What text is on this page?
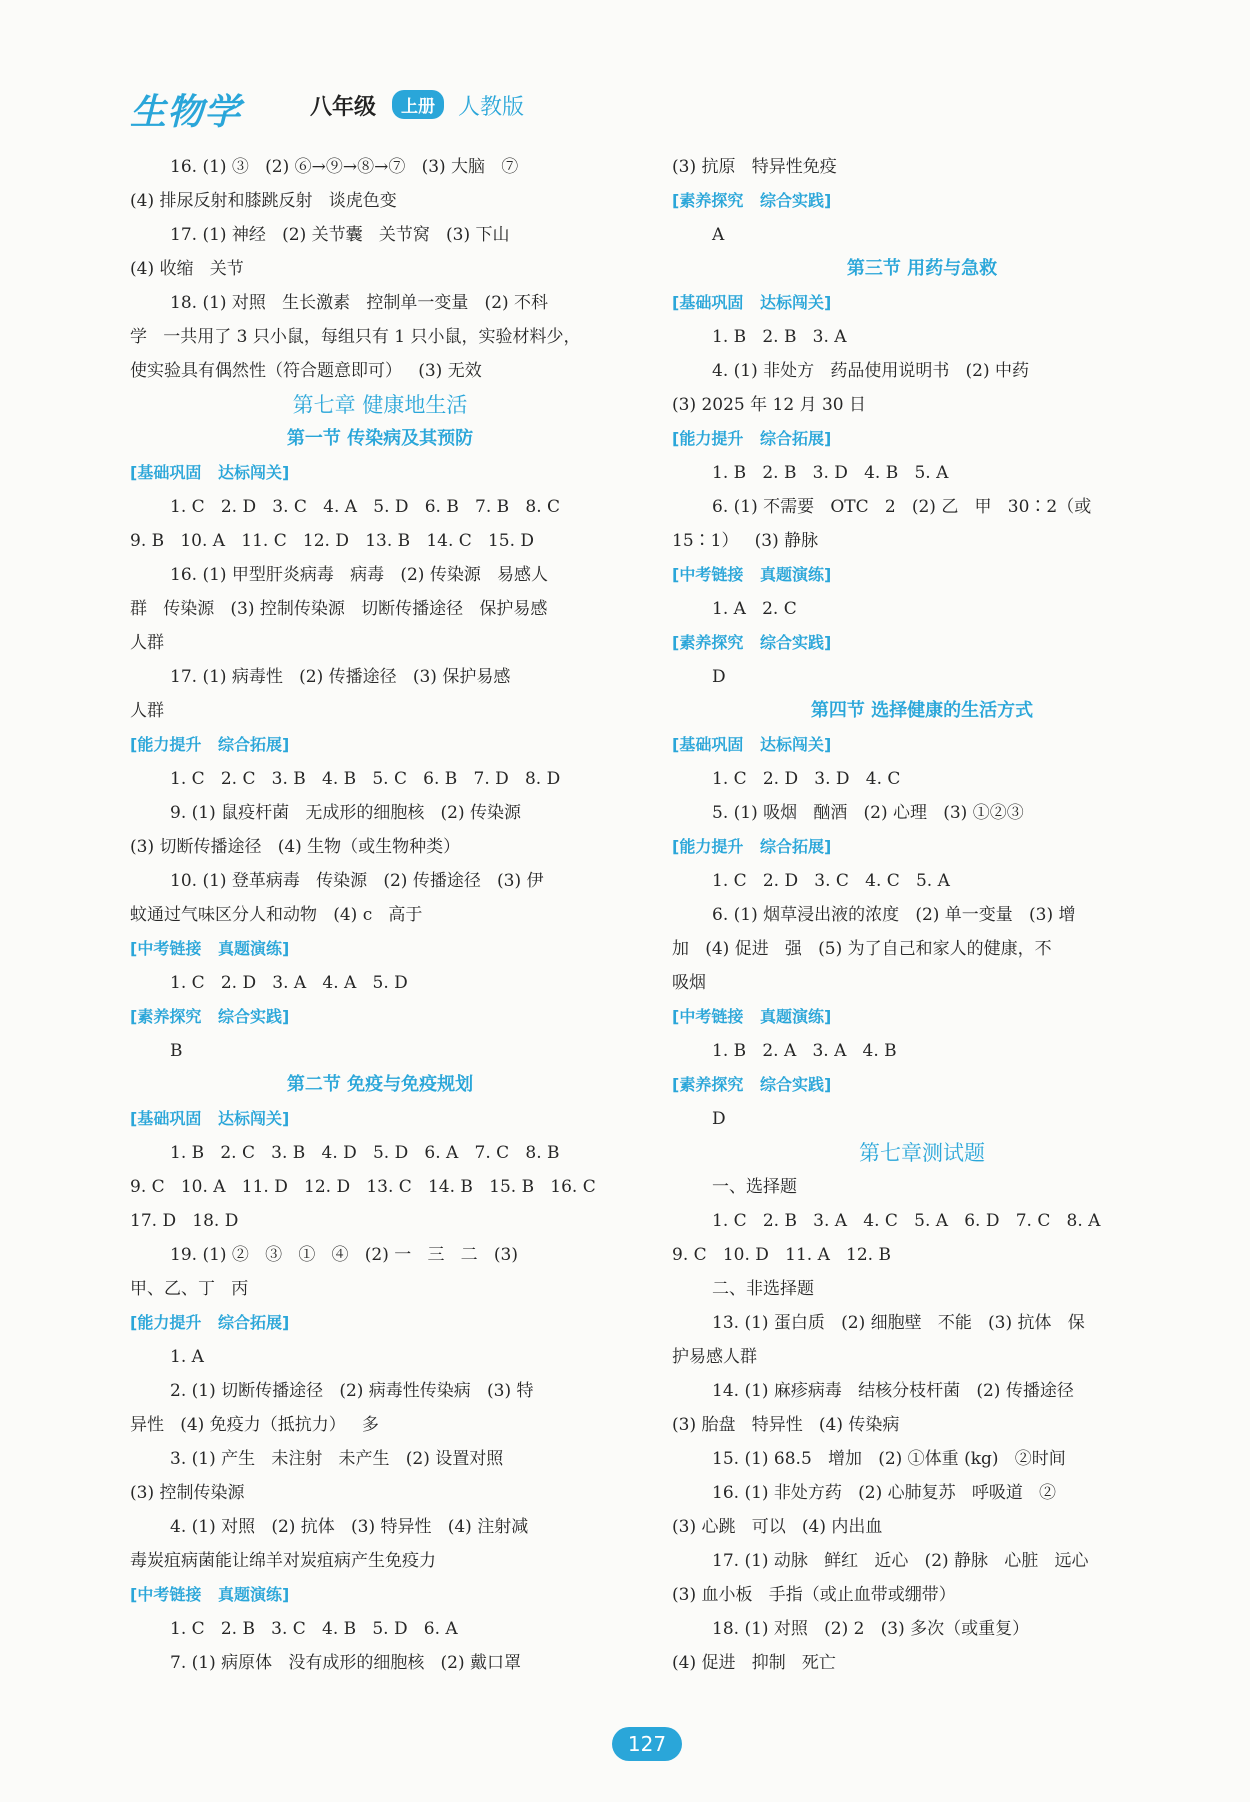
生物学	八年级	上册	人教版
16. (1) ③   (2) ⑥→⑨→⑧→⑦   (3) 大脑   ⑦
(4) 排尿反射和膝跳反射   谈虎色变
17. (1) 神经   (2) 关节囊   关节窝   (3) 下山
(4) 收缩   关节
18. (1) 对照   生长激素   控制单一变量   (2) 不科
学   一共用了 3 只小鼠，每组只有 1 只小鼠，实验材料少，
使实验具有偶然性（符合题意即可）   (3) 无效
第七章 健康地生活
第一节 传染病及其预防
[基础巩固   达标闯关]
1. C   2. D   3. C   4. A   5. D   6. B   7. B   8. C
9. B   10. A   11. C   12. D   13. B   14. C   15. D
16. (1) 甲型肝炎病毒   病毒   (2) 传染源   易感人
群   传染源   (3) 控制传染源   切断传播途径   保护易感
人群
17. (1) 病毒性   (2) 传播途径   (3) 保护易感
人群
[能力提升   综合拓展]
1. C   2. C   3. B   4. B   5. C   6. B   7. D   8. D
9. (1) 鼠疫杆菌   无成形的细胞核   (2) 传染源
(3) 切断传播途径   (4) 生物（或生物种类）
10. (1) 登革病毒   传染源   (2) 传播途径   (3) 伊
蚊通过气味区分人和动物   (4) c   高于
[中考链接   真题演练]
1. C   2. D   3. A   4. A   5. D
[素养探究   综合实践]
B
第二节 免疫与免疫规划
[基础巩固   达标闯关]
1. B   2. C   3. B   4. D   5. D   6. A   7. C   8. B
9. C   10. A   11. D   12. D   13. C   14. B   15. B   16. C
17. D   18. D
19. (1) ②   ③   ①   ④   (2) 一   三   二   (3)
甲、乙、丁   丙
[能力提升   综合拓展]
1. A
2. (1) 切断传播途径   (2) 病毒性传染病   (3) 特
异性   (4) 免疫力（抵抗力）   多
3. (1) 产生   未注射   未产生   (2) 设置对照
(3) 控制传染源
4. (1) 对照   (2) 抗体   (3) 特异性   (4) 注射减
毒炭疽病菌能让绵羊对炭疽病产生免疫力
[中考链接   真题演练]
1. C   2. B   3. C   4. B   5. D   6. A
7. (1) 病原体   没有成形的细胞核   (2) 戴口罩
(3) 抗原   特异性免疫
[素养探究   综合实践]
A
第三节 用药与急救
[基础巩固   达标闯关]
1. B   2. B   3. A
4. (1) 非处方   药品使用说明书   (2) 中药
(3) 2025 年 12 月 30 日
[能力提升   综合拓展]
1. B   2. B   3. D   4. B   5. A
6. (1) 不需要   OTC   2   (2) 乙   甲   30∶2（或
15∶1）   (3) 静脉
[中考链接   真题演练]
1. A   2. C
[素养探究   综合实践]
D
第四节 选择健康的生活方式
[基础巩固   达标闯关]
1. C   2. D   3. D   4. C
5. (1) 吸烟   酗酒   (2) 心理   (3) ①②③
[能力提升   综合拓展]
1. C   2. D   3. C   4. C   5. A
6. (1) 烟草浸出液的浓度   (2) 单一变量   (3) 增
加   (4) 促进   强   (5) 为了自己和家人的健康，不
吸烟
[中考链接   真题演练]
1. B   2. A   3. A   4. B
[素养探究   综合实践]
D
第七章测试题
一、选择题
1. C   2. B   3. A   4. C   5. A   6. D   7. C   8. A
9. C   10. D   11. A   12. B
二、非选择题
13. (1) 蛋白质   (2) 细胞壁   不能   (3) 抗体   保
护易感人群
14. (1) 麻疹病毒   结核分枝杆菌   (2) 传播途径
(3) 胎盘   特异性   (4) 传染病
15. (1) 68.5   增加   (2) ①体重 (kg)   ②时间
16. (1) 非处方药   (2) 心肺复苏   呼吸道   ②
(3) 心跳   可以   (4) 内出血
17. (1) 动脉   鲜红   近心   (2) 静脉   心脏   远心
(3) 血小板   手指（或止血带或绷带）
18. (1) 对照   (2) 2   (3) 多次（或重复）
(4) 促进   抑制   死亡
127
